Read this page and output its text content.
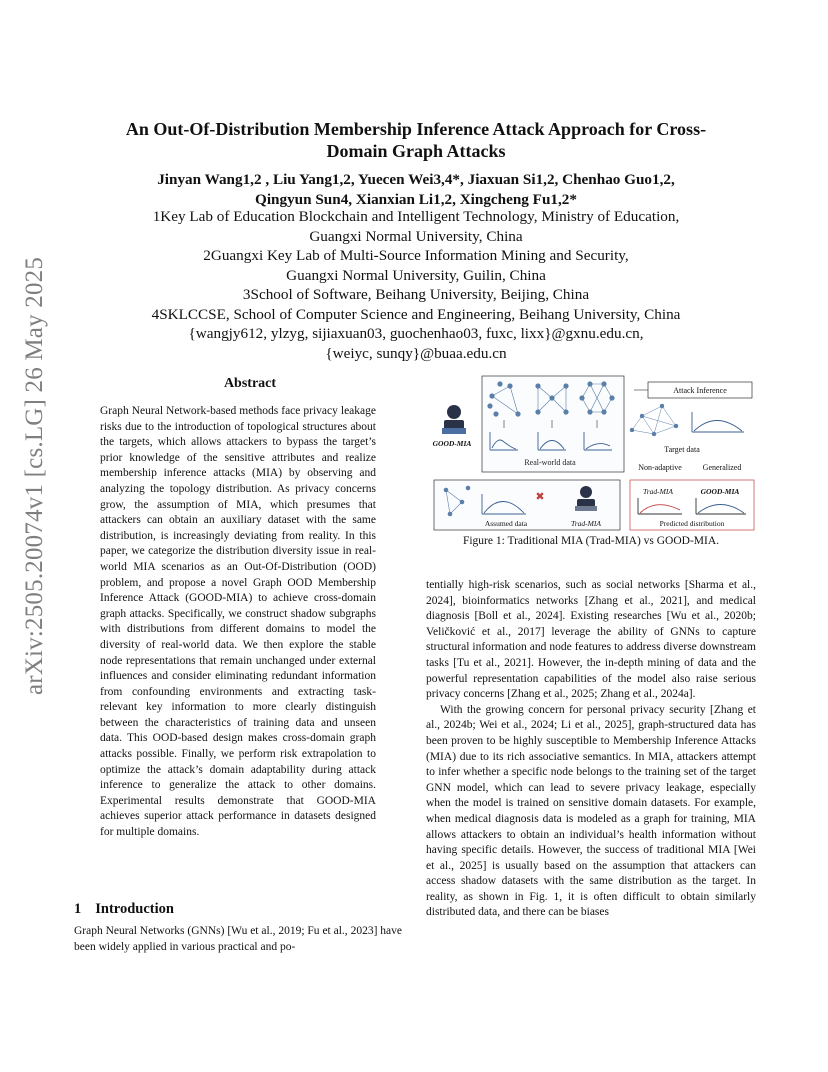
arXiv:2505.20074v1 [cs.LG] 26 May 2025
An Out-Of-Distribution Membership Inference Attack Approach for Cross-Domain Graph Attacks
Jinyan Wang1,2 , Liu Yang1,2, Yuecen Wei3,4*, Jiaxuan Si1,2, Chenhao Guo1,2,
Qingyun Sun4, Xianxian Li1,2, Xingcheng Fu1,2*
1Key Lab of Education Blockchain and Intelligent Technology, Ministry of Education,
Guangxi Normal University, China
2Guangxi Key Lab of Multi-Source Information Mining and Security,
Guangxi Normal University, Guilin, China
3School of Software, Beihang University, Beijing, China
4SKLCCSE, School of Computer Science and Engineering, Beihang University, China
{wangjy612, ylzyg, sijiaxuan03, guochenhao03, fuxc, lixx}@gxnu.edu.cn,
{weiyc, sunqy}@buaa.edu.cn
Abstract

Graph Neural Network-based methods face privacy leakage risks due to the introduction of topological structures about the targets, which allows attackers to bypass the target’s prior knowledge of the sensitive attributes and realize membership inference attacks (MIA) by observing and analyzing the topology distribution. As privacy concerns grow, the assumption of MIA, which presumes that attackers can obtain an auxiliary dataset with the same distribution, is increasingly deviating from reality. In this paper, we categorize the distribution diversity issue in real-world MIA scenarios as an Out-Of-Distribution (OOD) problem, and propose a novel Graph OOD Membership Inference Attack (GOOD-MIA) to achieve cross-domain graph attacks. Specifically, we construct shadow subgraphs with distributions from different domains to model the diversity of real-world data. We then explore the stable node representations that remain unchanged under external influences and consider eliminating redundant information from confounding environments and extracting task-relevant key information to more clearly distinguish between the characteristics of training data and unseen data. This OOD-based design makes cross-domain graph attacks possible. Finally, we perform risk extrapolation to optimize the attack’s domain adaptability during attack inference to generalize the attack to other domains. Experimental results demonstrate that GOOD-MIA achieves superior attack performance in datasets designed for multiple domains.

1 Introduction

Graph Neural Networks (GNNs) [Wu et al., 2019; Fu et al., 2023] have been widely applied in various practical and po-

Real-world data
GOOD-MIA
Attack Inference
Target data
Non-adaptive	Generalized
Trad-MIA	GOOD-MIA
Predicted distribution
✖
Assumed data	Trad-MIA
Figure 1: Traditional MIA (Trad-MIA) vs GOOD-MIA.

tentially high-risk scenarios, such as social networks [Sharma et al., 2024], bioinformatics networks [Zhang et al., 2021], and medical diagnosis [Boll et al., 2024]. Existing researches [Wu et al., 2020b; Veličković et al., 2017] leverage the ability of GNNs to capture structural information and node features to address diverse downstream tasks [Tu et al., 2021]. However, the in-depth mining of data and the powerful representation capabilities of the model also raise serious privacy concerns [Zhang et al., 2025; Zhang et al., 2024a].

With the growing concern for personal privacy security [Zhang et al., 2024b; Wei et al., 2024; Li et al., 2025], graph-structured data has been proven to be highly susceptible to Membership Inference Attacks (MIA) due to its rich associative semantics. In MIA, attackers attempt to infer whether a specific node belongs to the training set of the target GNN model, which can lead to severe privacy leakage, especially when the model is trained on sensitive domain datasets. For example, when medical diagnosis data is modeled as a graph for training, MIA allows attackers to obtain an individual’s health information without having specific details. However, the success of traditional MIA [Wei et al., 2025] is usually based on the assumption that attackers can access shadow datasets with the same distribution as the target. In reality, as shown in Fig. 1, it is often difficult to obtain similarly distributed data, and there can be biases
